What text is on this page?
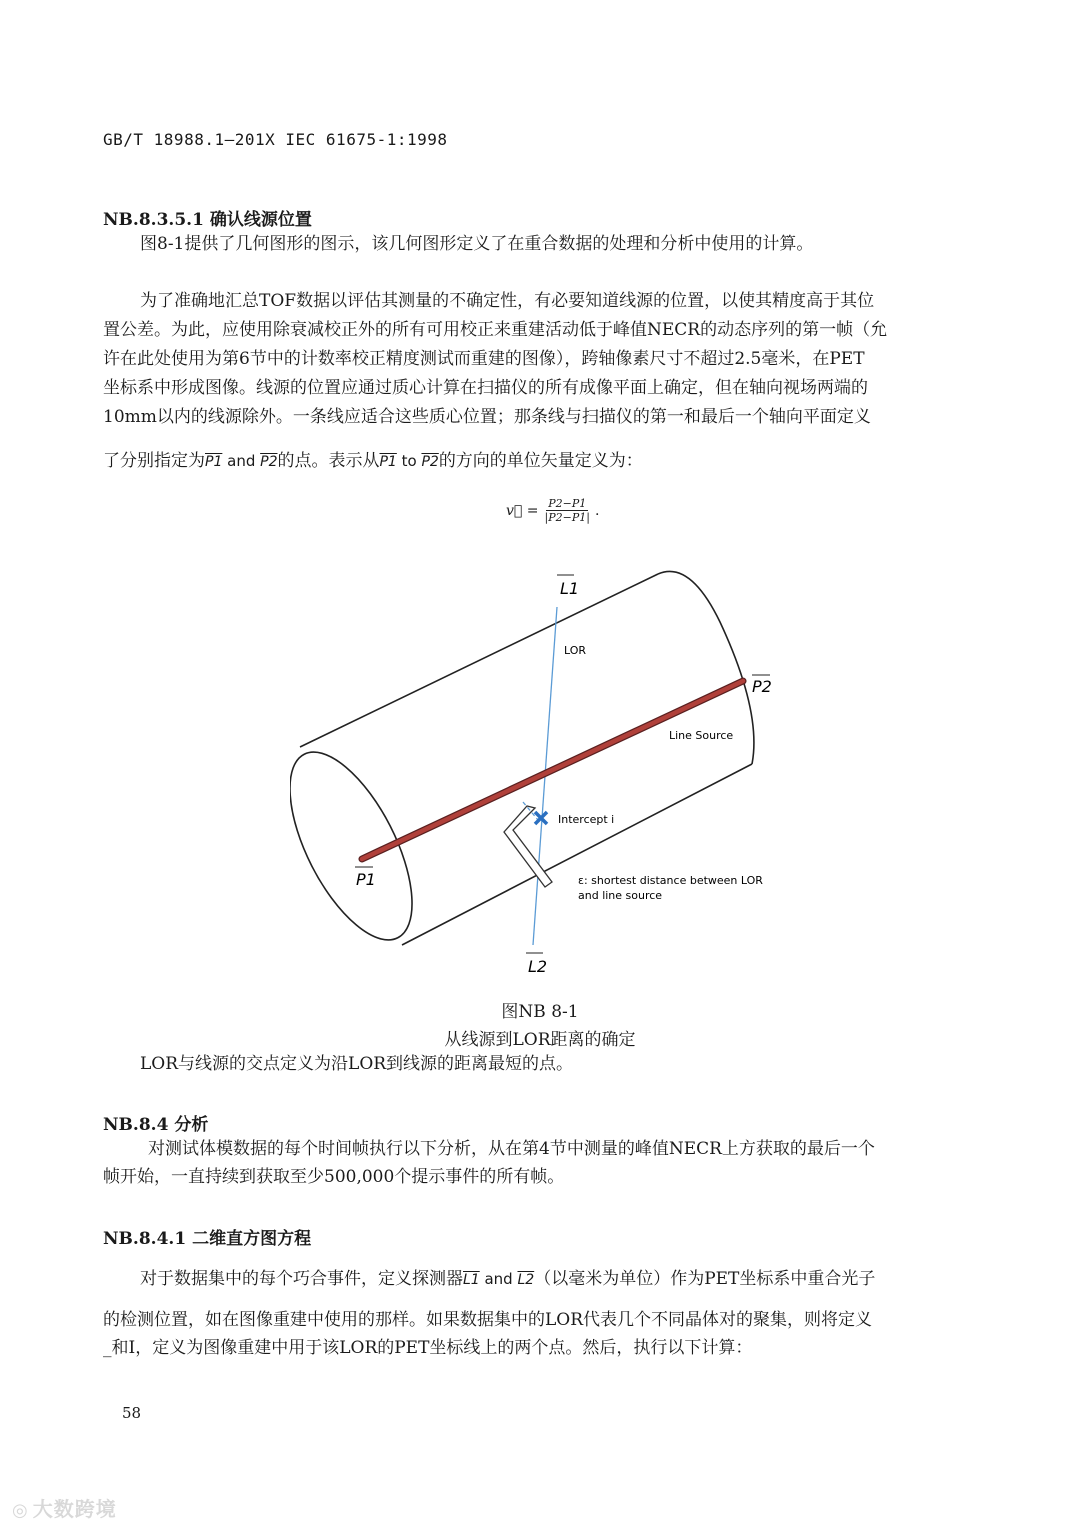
GB/T 18988.1—201X IEC 61675-1:1998
NB.8.3.5.1 确认线源位置
图8-1提供了几何图形的图示，该几何图形定义了在重合数据的处理和分析中使用的计算。
为了准确地汇总TOF数据以评估其测量的不确定性，有必要知道线源的位置，以使其精度高于其位
置公差。为此，应使用除衰减校正外的所有可用校正来重建活动低于峰值NECR的动态序列的第一帧（允
许在此处使用为第6节中的计数率校正精度测试而重建的图像），跨轴像素尺寸不超过2.5毫米，在PET
坐标系中形成图像。线源的位置应通过质心计算在扫描仪的所有成像平面上确定，但在轴向视场两端的
10mm以内的线源除外。一条线应适合这些质心位置；那条线与扫描仪的第一和最后一个轴向平面定义
了分别指定为P1 and P2的点。表示从P1 to P2的方向的单位矢量定义为：
v⃗ = $\frac{P2-P1}{|P2-P1|}$ .
L1
LOR
P2
Line Source
Intercept i
P1	ε: shortest distance between LOR
and line source
L2
图NB 8-1
从线源到LOR距离的确定
LOR与线源的交点定义为沿LOR到线源的距离最短的点。
NB.8.4 分析
对测试体模数据的每个时间帧执行以下分析，从在第4节中测量的峰值NECR上方获取的最后一个
帧开始，一直持续到获取至少500,000个提示事件的所有帧。
NB.8.4.1 二维直方图方程
对于数据集中的每个巧合事件，定义探测器L1 and L2（以毫米为单位）作为PET坐标系中重合光子
的检测位置，如在图像重建中使用的那样。如果数据集中的LOR代表几个不同晶体对的聚集，则将定义
_和I，定义为图像重建中用于该LOR的PET坐标线上的两个点。然后，执行以下计算：
58
◎ 大数跨境
